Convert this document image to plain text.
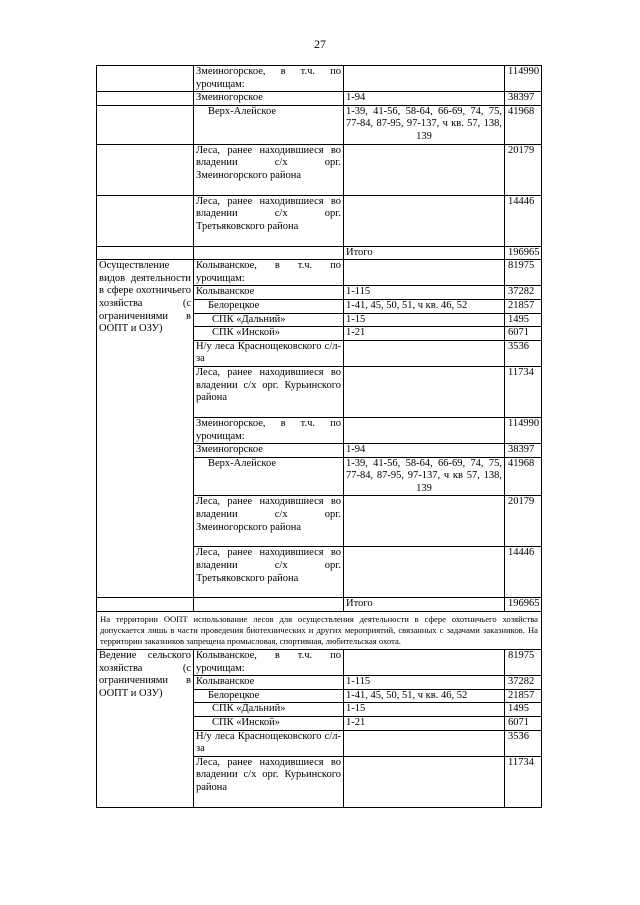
27
	Змеиногорское, в т.ч. по урочищам:		114990
	Змеиногорское	1-94	38397
	Верх-Алейское	1-39, 41-56, 58-64, 66-69, 74, 75, 77-84, 87-95, 97-137, ч кв. 57, 138, 139	41968
	Леса, ранее находившиеся во владении с/х орг. Змеиногорского района		20179
	Леса, ранее находившиеся во владении с/х орг. Третьяковского района		14446
		Итого	196965
Осуществление видов деятельности в сфере охотничьего хозяйства (с ограничениями в ООПТ и ОЗУ)	Колыванское, в т.ч. по урочищам:		81975
	Колыванское	1-115	37282
	Белорецкое	1-41, 45, 50, 51, ч кв. 46, 52	21857
	СПК «Дальний»	1-15	1495
	СПК «Инской»	1-21	6071
	Н/у леса Краснощековского с/л-за		3536
	Леса, ранее находившиеся во владении с/х орг. Курьинского района		11734
	Змеиногорское, в т.ч. по урочищам:		114990
	Змеиногорское	1-94	38397
	Верх-Алейское	1-39, 41-56, 58-64, 66-69, 74, 75, 77-84, 87-95, 97-137, ч кв 57, 138, 139	41968
	Леса, ранее находившиеся во владении с/х орг. Змеиногорского района		20179
	Леса, ранее находившиеся во владении с/х орг. Третьяковского района		14446
		Итого	196965
На территории ООПТ использование лесов для осуществления деятельности в сфере охотничьего хозяйства допускается лишь в части проведения биотехнических и других мероприятий, связанных с задачами заказников. На территории заказников запрещена промысловая, спортивная, любительская охота.			
Ведение сельского хозяйства (с ограничениями в ООПТ и ОЗУ)	Колыванское, в т.ч. по урочищам:		81975
	Колыванское	1-115	37282
	Белорецкое	1-41, 45, 50, 51, ч кв. 46, 52	21857
	СПК «Дальний»	1-15	1495
	СПК «Инской»	1-21	6071
	Н/у леса Краснощековского с/л-за		3536
	Леса, ранее находившиеся во владении с/х орг. Курьинского района		11734
